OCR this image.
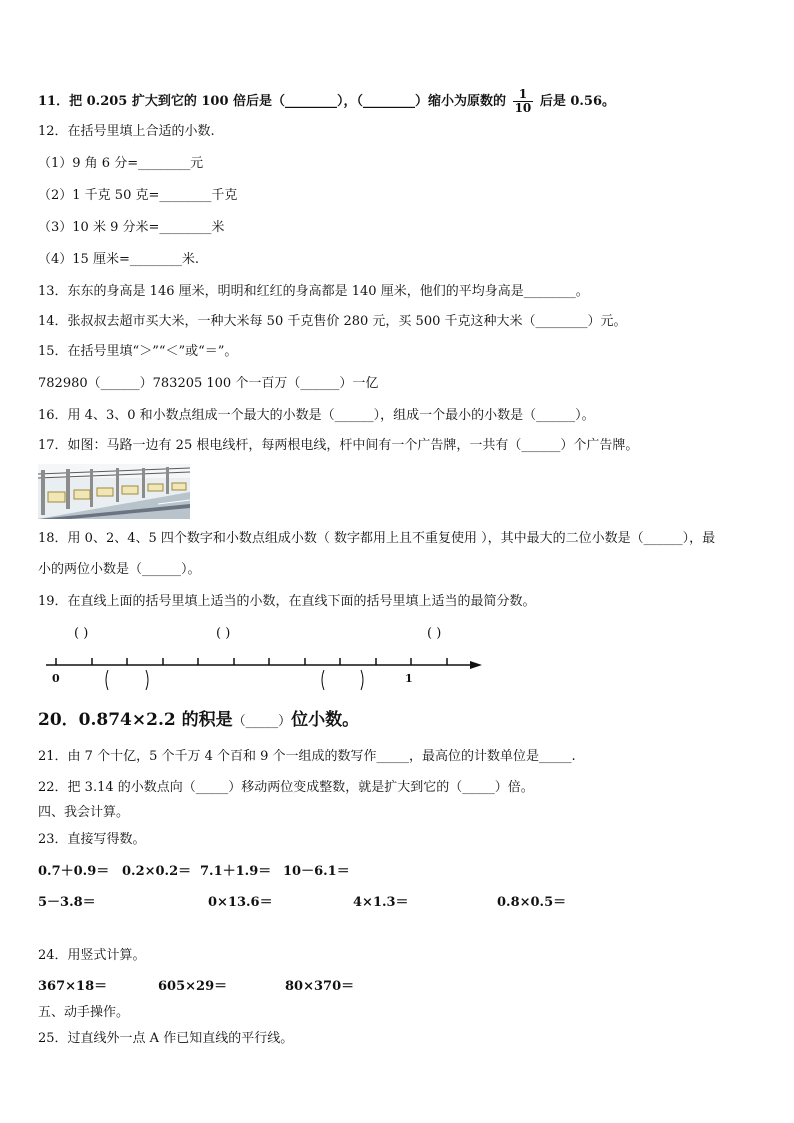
11．把 0.205 扩大到它的 100 倍后是（________），（________）缩小为原数的 $\frac{1}{10}$ 后是 0.56。
12．在括号里填上合适的小数.
（1）9 角 6 分=________元
（2）1 千克 50 克=________千克
（3）10 米 9 分米=________米
（4）15 厘米=________米.
13．东东的身高是 146 厘米，明明和红红的身高都是 140 厘米，他们的平均身高是________。
14．张叔叔去超市买大米，一种大米每 50 千克售价 280 元，买 500 千克这种大米（________）元。
15．在括号里填“＞”“＜”或“＝”。
782980（______）783205 100 个一百万（______）一亿
16．用 4、3、0 和小数点组成一个最大的小数是（______），组成一个最小的小数是（______）。
17．如图：马路一边有 25 根电线杆，每两根电线，杆中间有一个广告牌，一共有（______）个广告牌。
18．用 0、2、4、5 四个数字和小数点组成小数（ 数字都用上且不重复使用 ），其中最大的二位小数是（______），最
小的两位小数是（______）。
19．在直线上面的括号里填上适当的小数，在直线下面的括号里填上适当的最简分数。
( )	( )	( )
0	1
20．0.874×2.2 的积是（_____）位小数。
21．由 7 个十亿，5 个千万 4 个百和 9 个一组成的数写作_____，最高位的计数单位是_____.
22．把 3.14 的小数点向（_____）移动两位变成整数，就是扩大到它的（_____）倍。
四、我会计算。
23．直接写得数。
0.7＋0.9＝ 0.2×0.2＝ 7.1＋1.9＝ 10－6.1＝
5－3.8＝	0×13.6＝	4×1.3＝	0.8×0.5＝
24．用竖式计算。
367×18＝	605×29＝	80×370＝
五、动手操作。
25．过直线外一点 A 作已知直线的平行线。
